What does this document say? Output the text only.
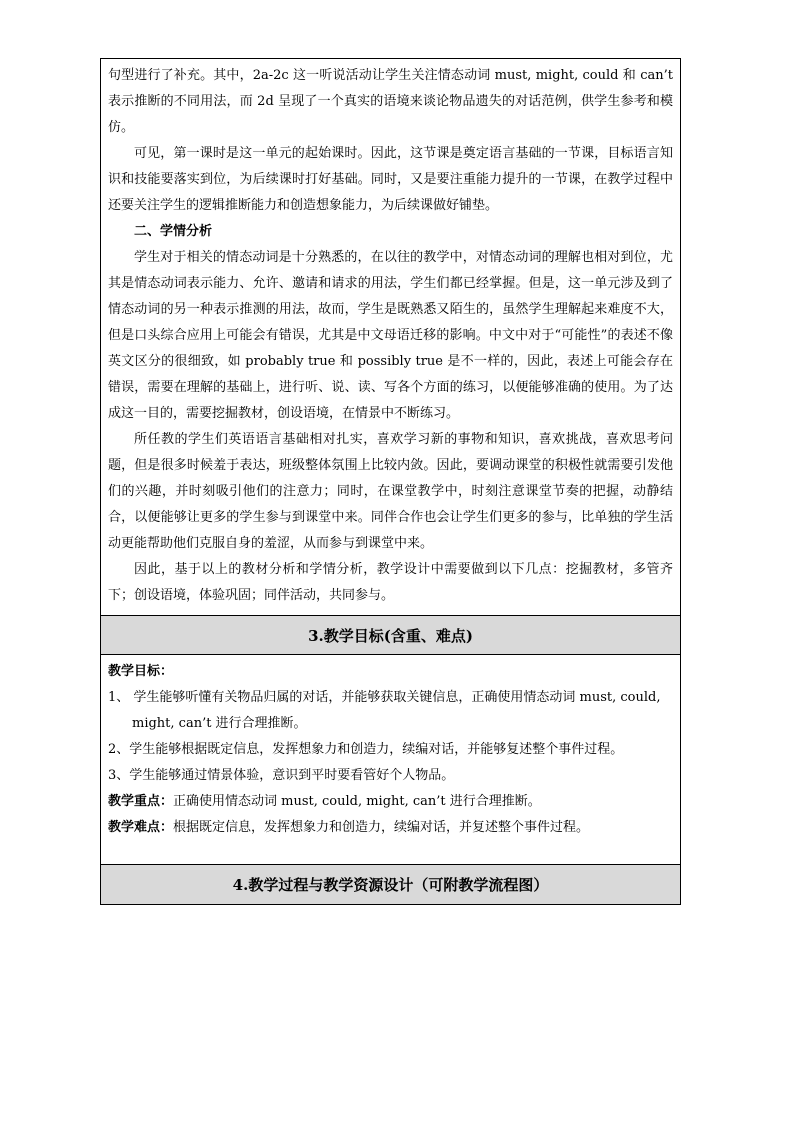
句型进行了补充。其中，2a-2c 这一听说活动让学生关注情态动词 must, might, could 和 can’t 表示推断的不同用法，而 2d 呈现了一个真实的语境来谈论物品遗失的对话范例，供学生参考和模仿。

可见，第一课时是这一单元的起始课时。因此，这节课是奠定语言基础的一节课，目标语言知识和技能要落实到位，为后续课时打好基础。同时，又是要注重能力提升的一节课，在教学过程中还要关注学生的逻辑推断能力和创造想象能力，为后续课做好铺垫。

二、学情分析

学生对于相关的情态动词是十分熟悉的，在以往的教学中，对情态动词的理解也相对到位，尤其是情态动词表示能力、允许、邀请和请求的用法，学生们都已经掌握。但是，这一单元涉及到了情态动词的另一种表示推测的用法，故而，学生是既熟悉又陌生的，虽然学生理解起来难度不大，但是口头综合应用上可能会有错误，尤其是中文母语迁移的影响。中文中对于“可能性”的表述不像英文区分的很细致，如 probably true 和 possibly true 是不一样的，因此，表述上可能会存在错误，需要在理解的基础上，进行听、说、读、写各个方面的练习，以便能够准确的使用。为了达成这一目的，需要挖掘教材，创设语境，在情景中不断练习。

所任教的学生们英语语言基础相对扎实，喜欢学习新的事物和知识，喜欢挑战，喜欢思考问题，但是很多时候羞于表达，班级整体氛围上比较内敛。因此，要调动课堂的积极性就需要引发他们的兴趣，并时刻吸引他们的注意力；同时，在课堂教学中，时刻注意课堂节奏的把握，动静结合，以便能够让更多的学生参与到课堂中来。同伴合作也会让学生们更多的参与，比单独的学生活动更能帮助他们克服自身的羞涩，从而参与到课堂中来。

因此，基于以上的教材分析和学情分析，教学设计中需要做到以下几点：挖掘教材，多管齐下；创设语境，体验巩固；同伴活动，共同参与。

3.教学目标(含重、难点)

教学目标：

1、 学生能够听懂有关物品归属的对话，并能够获取关键信息，正确使用情态动词 must, could, might, can’t 进行合理推断。

2、学生能够根据既定信息，发挥想象力和创造力，续编对话，并能够复述整个事件过程。

3、学生能够通过情景体验，意识到平时要看管好个人物品。

教学重点：正确使用情态动词 must, could, might, can’t 进行合理推断。

教学难点：根据既定信息，发挥想象力和创造力，续编对话，并复述整个事件过程。

4.教学过程与教学资源设计（可附教学流程图）
